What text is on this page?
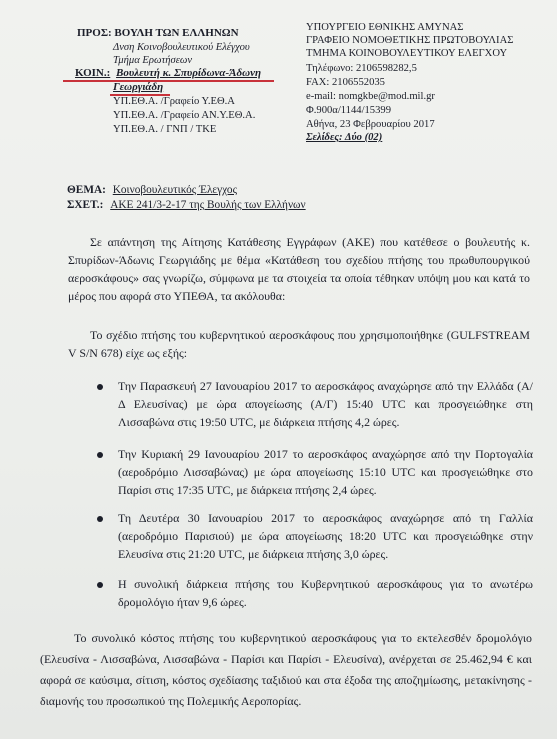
ΠΡΟΣ: ΒΟΥΛΗ ΤΩΝ ΕΛΛΗΝΩΝ
Δνση Κοινοβουλευτικού Ελέγχου
Τμήμα Ερωτήσεων
ΚΟΙΝ.: Βουλευτή κ. Σπυρίδωνα-Άδωνη
Γεωργιάδη
ΥΠ.ΕΘ.Α. /Γραφείο Υ.ΕΘ.Α
ΥΠ.ΕΘ.Α. /Γραφείο ΑΝ.Υ.ΕΘ.Α.
ΥΠ.ΕΘ.Α. / ΓΝΠ / ΤΚΕ
ΥΠΟΥΡΓΕΙΟ ΕΘΝΙΚΗΣ ΑΜΥΝΑΣ
ΓΡΑΦΕΙΟ ΝΟΜΟΘΕΤΙΚΗΣ ΠΡΩΤΟΒΟΥΛΙΑΣ
ΤΜΗΜΑ ΚΟΙΝΟΒΟΥΛΕΥΤΙΚΟΥ ΕΛΕΓΧΟΥ
Τηλέφωνο: 2106598282,5
FAX: 2106552035
e-mail: nomgkbe@mod.mil.gr
Φ.900α/1144/15399
Αθήνα, 23 Φεβρουαρίου 2017
Σελίδες: Δύο (02)
ΘΕΜΑ: Κοινοβουλευτικός Έλεγχος
ΣΧΕΤ.: ΑΚΕ 241/3-2-17 της Βουλής των Ελλήνων
Σε απάντηση της Αίτησης Κατάθεσης Εγγράφων (ΑΚΕ) που κατέθεσε ο βουλευτής κ. Σπυρίδων-Άδωνις Γεωργιάδης με θέμα «Κατάθεση του σχεδίου πτήσης του πρωθυπουργικού αεροσκάφους» σας γνωρίζω, σύμφωνα με τα στοιχεία τα οποία τέθηκαν υπόψη μου και κατά το μέρος που αφορά στο ΥΠΕΘΑ, τα ακόλουθα:
Το σχέδιο πτήσης του κυβερνητικού αεροσκάφους που χρησιμοποιήθηκε (GULFSTREAM V S/N 678) είχε ως εξής:
Την Παρασκευή 27 Ιανουαρίου 2017 το αεροσκάφος αναχώρησε από την Ελλάδα (Α/Δ Ελευσίνας) με ώρα απογείωσης (Α/Γ) 15:40 UTC και προσγειώθηκε στη Λισσαβώνα στις 19:50 UTC, με διάρκεια πτήσης 4,2 ώρες.
Την Κυριακή 29 Ιανουαρίου 2017 το αεροσκάφος αναχώρησε από την Πορτογαλία (αεροδρόμιο Λισσαβώνας) με ώρα απογείωσης 15:10 UTC και προσγειώθηκε στο Παρίσι στις 17:35 UTC, με διάρκεια πτήσης 2,4 ώρες.
Τη Δευτέρα 30 Ιανουαρίου 2017 το αεροσκάφος αναχώρησε από τη Γαλλία (αεροδρόμιο Παρισιού) με ώρα απογείωσης 18:20 UTC και προσγειώθηκε στην Ελευσίνα στις 21:20 UTC, με διάρκεια πτήσης 3,0 ώρες.
Η συνολική διάρκεια πτήσης του Κυβερνητικού αεροσκάφους για το ανωτέρω δρομολόγιο ήταν 9,6 ώρες.
Το συνολικό κόστος πτήσης του κυβερνητικού αεροσκάφους για το εκτελεσθέν δρομολόγιο (Ελευσίνα - Λισσαβώνα, Λισσαβώνα - Παρίσι και Παρίσι - Ελευσίνα), ανέρχεται σε 25.462,94 € και αφορά σε καύσιμα, σίτιση, κόστος σχεδίασης ταξιδιού και στα έξοδα της αποζημίωσης, μετακίνησης - διαμονής του προσωπικού της Πολεμικής Αεροπορίας.
